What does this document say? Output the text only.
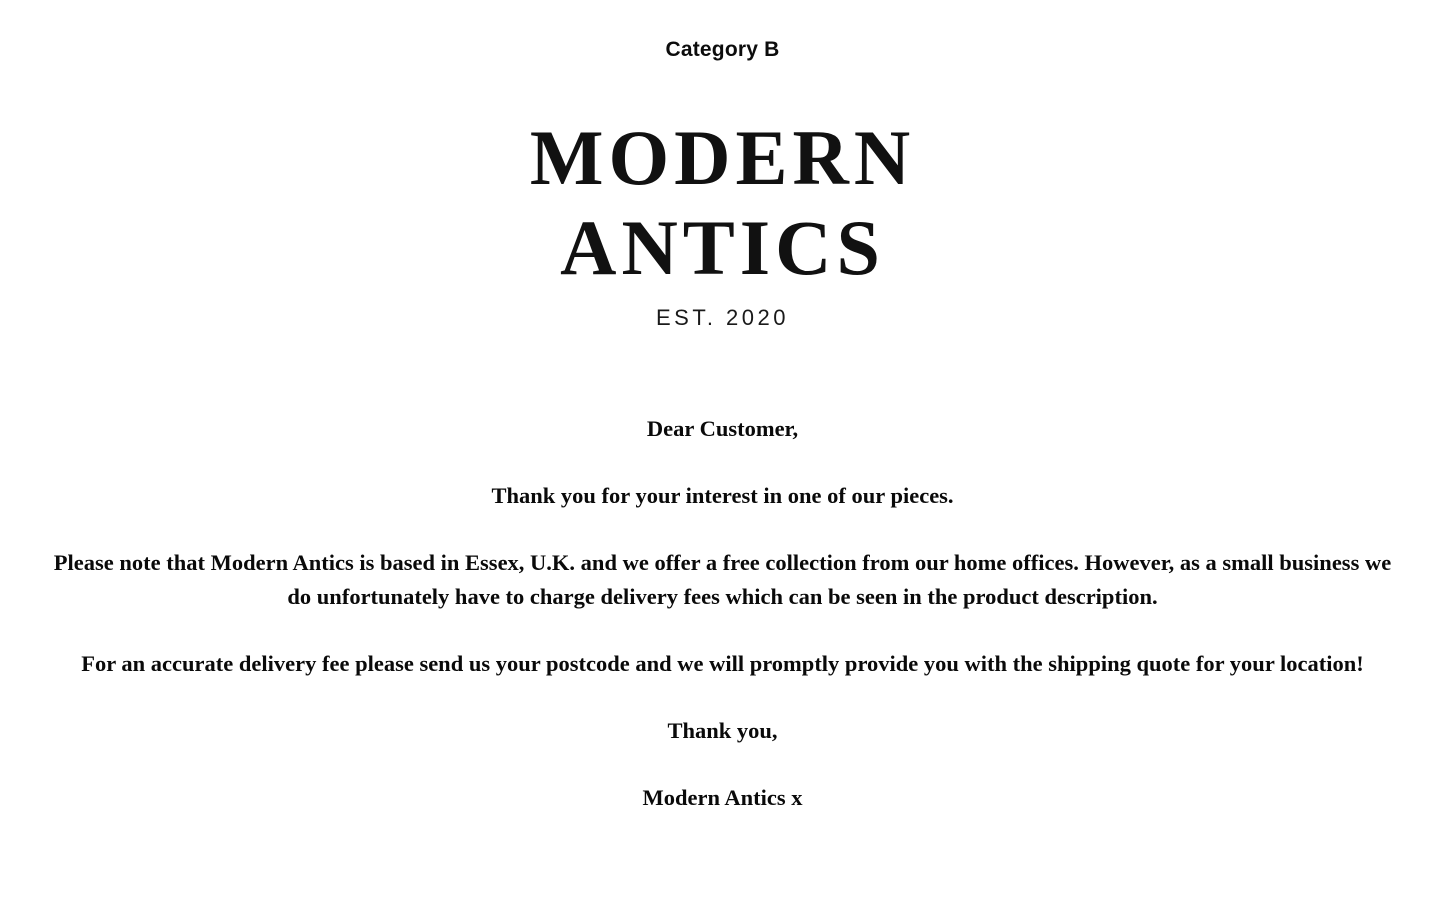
Category B
MODERN
ANTICS
EST. 2020

Dear Customer,

Thank you for your interest in one of our pieces.

Please note that Modern Antics is based in Essex, U.K. and we offer a free collection from our home offices. However, as a small business we do unfortunately have to charge delivery fees which can be seen in the product description.

For an accurate delivery fee please send us your postcode and we will promptly provide you with the shipping quote for your location!

Thank you,

Modern Antics x
